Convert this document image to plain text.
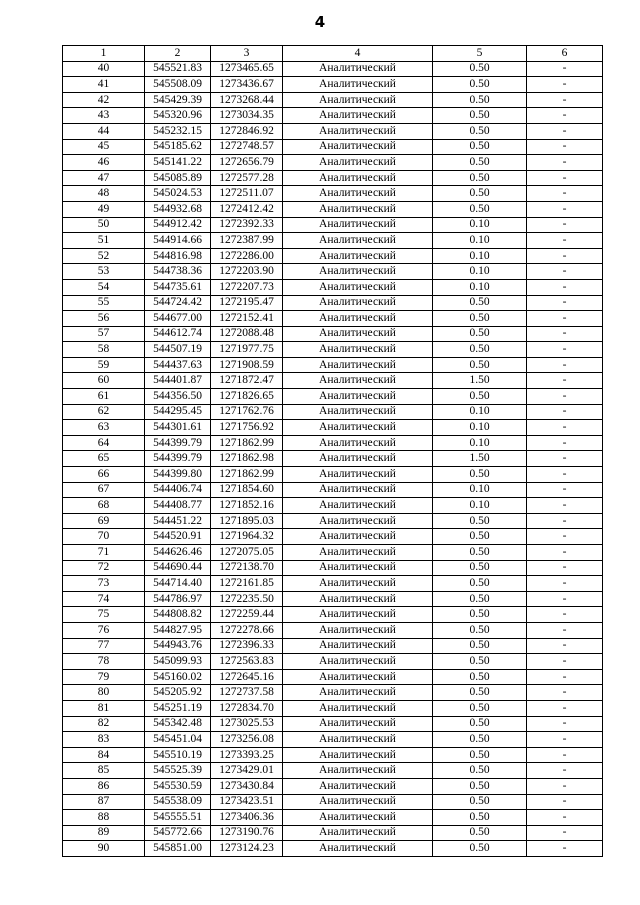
4
1	2	3	4	5	6
40	545521.83	1273465.65	Аналитический	0.50	-
41	545508.09	1273436.67	Аналитический	0.50	-
42	545429.39	1273268.44	Аналитический	0.50	-
43	545320.96	1273034.35	Аналитический	0.50	-
44	545232.15	1272846.92	Аналитический	0.50	-
45	545185.62	1272748.57	Аналитический	0.50	-
46	545141.22	1272656.79	Аналитический	0.50	-
47	545085.89	1272577.28	Аналитический	0.50	-
48	545024.53	1272511.07	Аналитический	0.50	-
49	544932.68	1272412.42	Аналитический	0.50	-
50	544912.42	1272392.33	Аналитический	0.10	-
51	544914.66	1272387.99	Аналитический	0.10	-
52	544816.98	1272286.00	Аналитический	0.10	-
53	544738.36	1272203.90	Аналитический	0.10	-
54	544735.61	1272207.73	Аналитический	0.10	-
55	544724.42	1272195.47	Аналитический	0.50	-
56	544677.00	1272152.41	Аналитический	0.50	-
57	544612.74	1272088.48	Аналитический	0.50	-
58	544507.19	1271977.75	Аналитический	0.50	-
59	544437.63	1271908.59	Аналитический	0.50	-
60	544401.87	1271872.47	Аналитический	1.50	-
61	544356.50	1271826.65	Аналитический	0.50	-
62	544295.45	1271762.76	Аналитический	0.10	-
63	544301.61	1271756.92	Аналитический	0.10	-
64	544399.79	1271862.99	Аналитический	0.10	-
65	544399.79	1271862.98	Аналитический	1.50	-
66	544399.80	1271862.99	Аналитический	0.50	-
67	544406.74	1271854.60	Аналитический	0.10	-
68	544408.77	1271852.16	Аналитический	0.10	-
69	544451.22	1271895.03	Аналитический	0.50	-
70	544520.91	1271964.32	Аналитический	0.50	-
71	544626.46	1272075.05	Аналитический	0.50	-
72	544690.44	1272138.70	Аналитический	0.50	-
73	544714.40	1272161.85	Аналитический	0.50	-
74	544786.97	1272235.50	Аналитический	0.50	-
75	544808.82	1272259.44	Аналитический	0.50	-
76	544827.95	1272278.66	Аналитический	0.50	-
77	544943.76	1272396.33	Аналитический	0.50	-
78	545099.93	1272563.83	Аналитический	0.50	-
79	545160.02	1272645.16	Аналитический	0.50	-
80	545205.92	1272737.58	Аналитический	0.50	-
81	545251.19	1272834.70	Аналитический	0.50	-
82	545342.48	1273025.53	Аналитический	0.50	-
83	545451.04	1273256.08	Аналитический	0.50	-
84	545510.19	1273393.25	Аналитический	0.50	-
85	545525.39	1273429.01	Аналитический	0.50	-
86	545530.59	1273430.84	Аналитический	0.50	-
87	545538.09	1273423.51	Аналитический	0.50	-
88	545555.51	1273406.36	Аналитический	0.50	-
89	545772.66	1273190.76	Аналитический	0.50	-
90	545851.00	1273124.23	Аналитический	0.50	-
